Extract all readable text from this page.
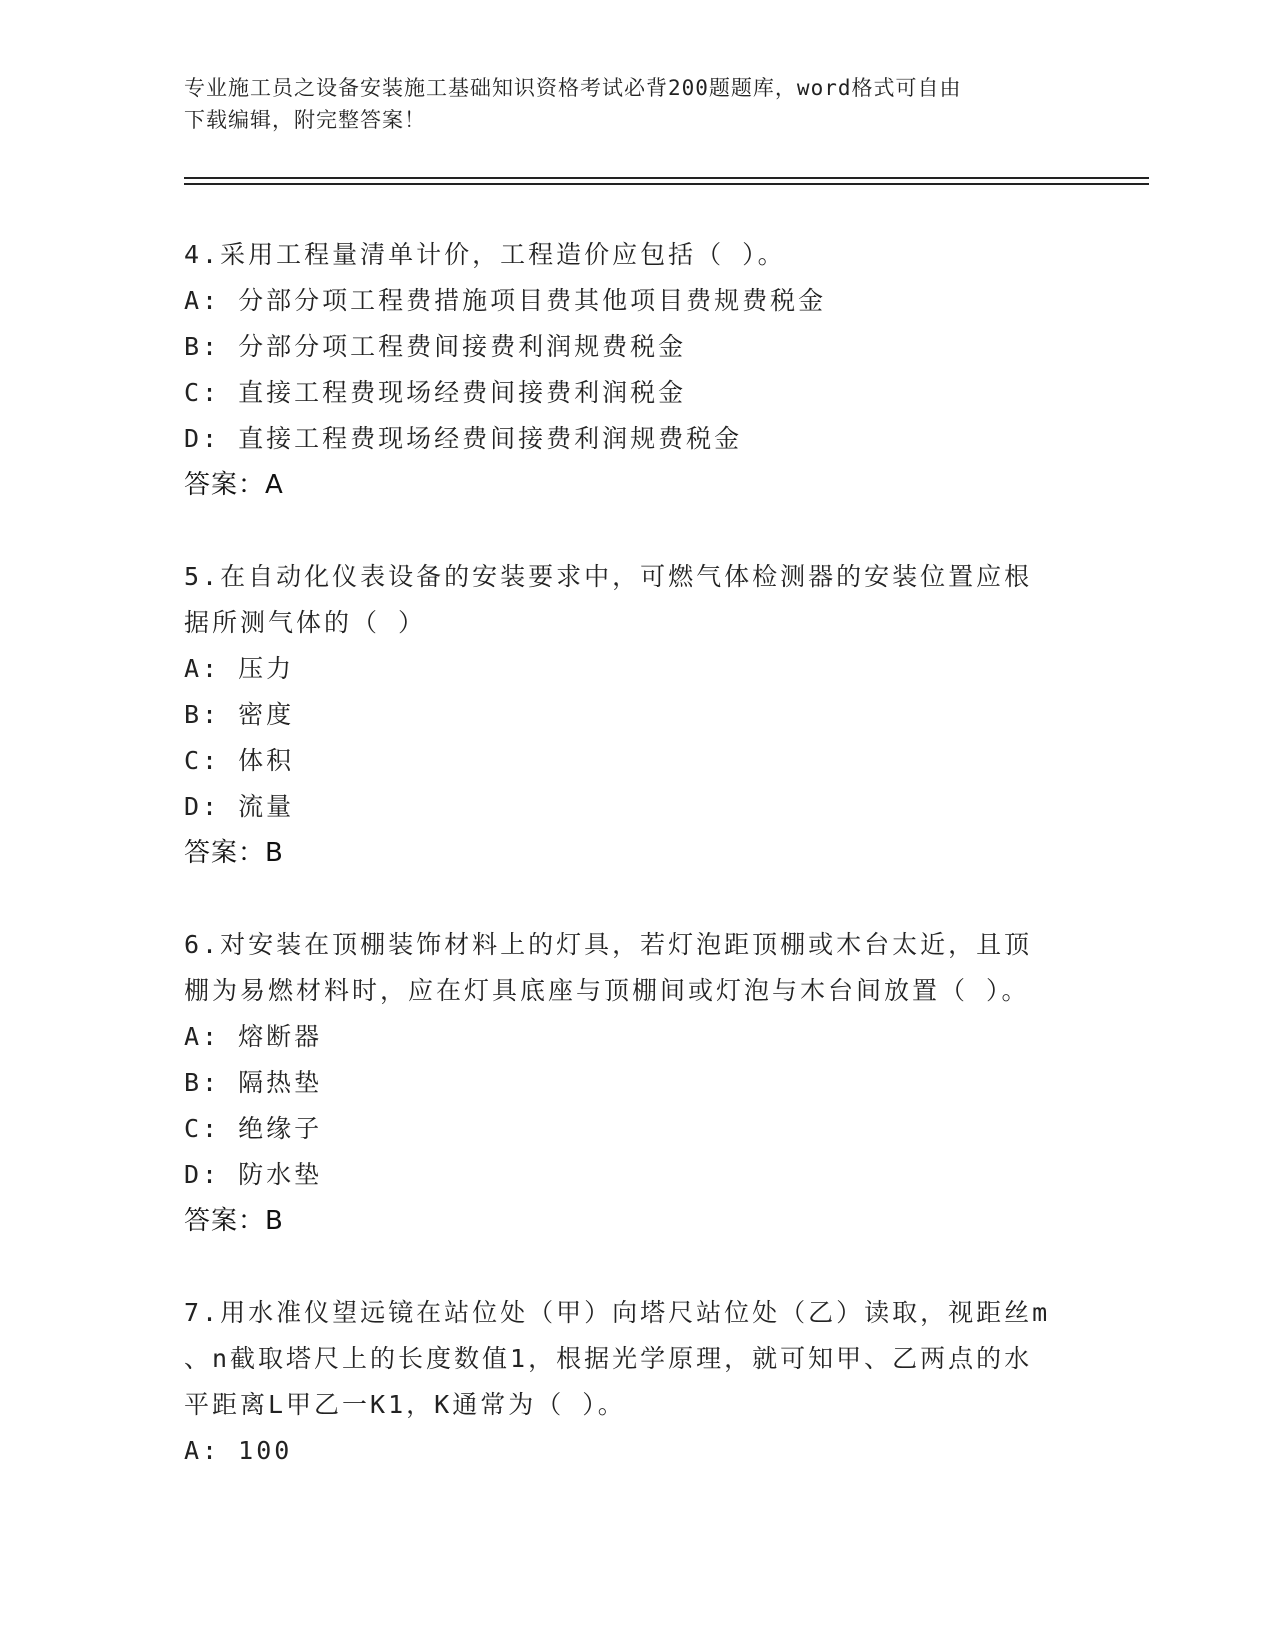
专业施工员之设备安装施工基础知识资格考试必背200题题库，word格式可自由
下载编辑，附完整答案！
4.采用工程量清单计价，工程造价应包括（ ）。
A: 分部分项工程费措施项目费其他项目费规费税金
B: 分部分项工程费间接费利润规费税金
C: 直接工程费现场经费间接费利润税金
D: 直接工程费现场经费间接费利润规费税金
答案：A
5.在自动化仪表设备的安装要求中，可燃气体检测器的安装位置应根
据所测气体的（ ）
A: 压力
B: 密度
C: 体积
D: 流量
答案：B
6.对安装在顶棚装饰材料上的灯具，若灯泡距顶棚或木台太近，且顶
棚为易燃材料时，应在灯具底座与顶棚间或灯泡与木台间放置（ ）。
A: 熔断器
B: 隔热垫
C: 绝缘子
D: 防水垫
答案：B
7.用水准仪望远镜在站位处（甲）向塔尺站位处（乙）读取，视距丝m
、n截取塔尺上的长度数值1，根据光学原理，就可知甲、乙两点的水
平距离L甲乙一K1，K通常为（ ）。
A: 100
